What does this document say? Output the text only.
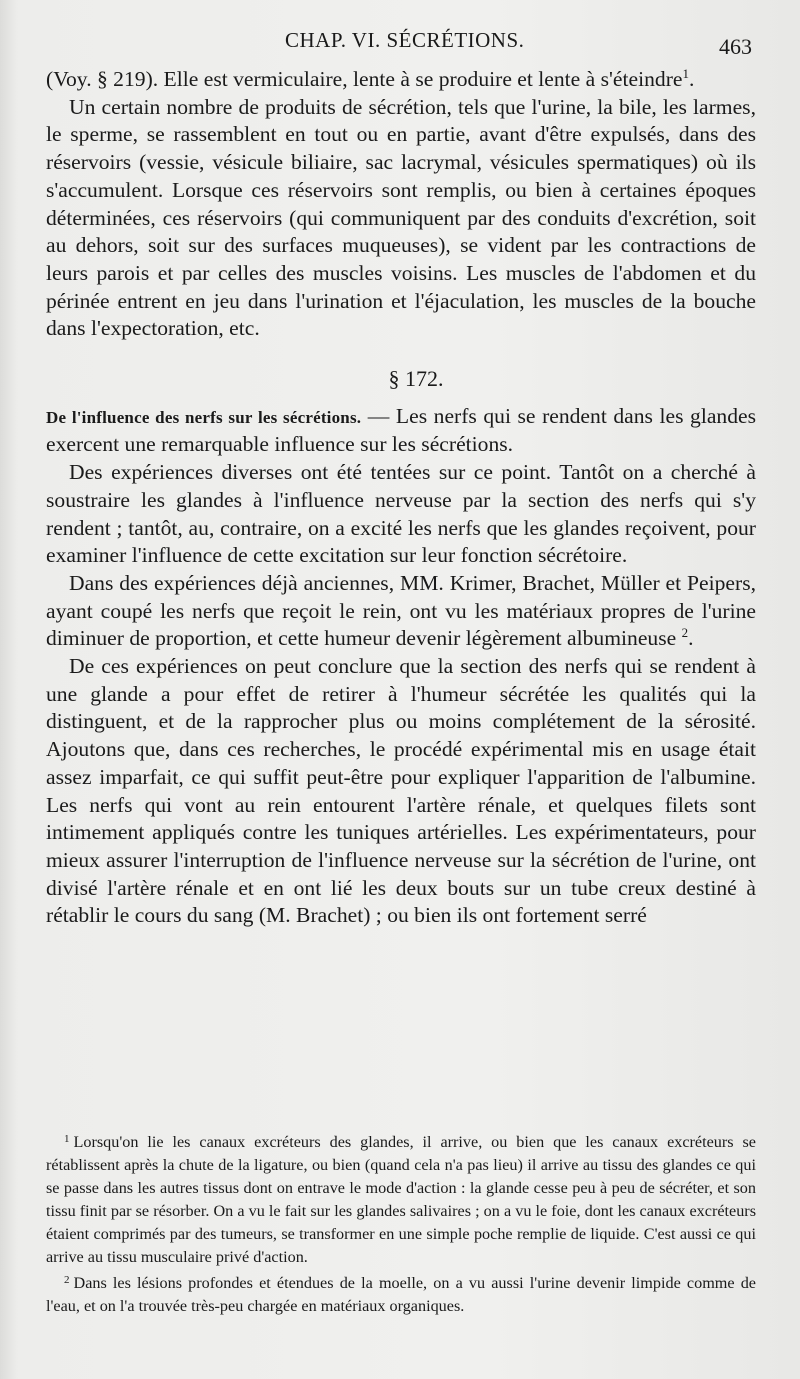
CHAP. VI. SÉCRÉTIONS.	463

(Voy. § 219). Elle est vermiculaire, lente à se produire et lente à s'éteindre$^1$.

Un certain nombre de produits de sécrétion, tels que l'urine, la bile, les larmes, le sperme, se rassemblent en tout ou en partie, avant d'être expulsés, dans des réservoirs (vessie, vésicule biliaire, sac lacrymal, vésicules spermatiques) où ils s'accumulent. Lorsque ces réservoirs sont remplis, ou bien à certaines époques déterminées, ces réservoirs (qui communiquent par des conduits d'excrétion, soit au dehors, soit sur des surfaces muqueuses), se vident par les contractions de leurs parois et par celles des muscles voisins. Les muscles de l'abdomen et du périnée entrent en jeu dans l'urination et l'éjaculation, les muscles de la bouche dans l'expectoration, etc.

§ 172.

De l'influence des nerfs sur les sécrétions. — Les nerfs qui se rendent dans les glandes exercent une remarquable influence sur les sécrétions.

Des expériences diverses ont été tentées sur ce point. Tantôt on a cherché à soustraire les glandes à l'influence nerveuse par la section des nerfs qui s'y rendent ; tantôt, au, contraire, on a excité les nerfs que les glandes reçoivent, pour examiner l'influence de cette excitation sur leur fonction sécrétoire.

Dans des expériences déjà anciennes, MM. Krimer, Brachet, Müller et Peipers, ayant coupé les nerfs que reçoit le rein, ont vu les matériaux propres de l'urine diminuer de proportion, et cette humeur devenir légèrement albumineuse $^2$.

De ces expériences on peut conclure que la section des nerfs qui se rendent à une glande a pour effet de retirer à l'humeur sécrétée les qualités qui la distinguent, et de la rapprocher plus ou moins complétement de la sérosité. Ajoutons que, dans ces recherches, le procédé expérimental mis en usage était assez imparfait, ce qui suffit peut-être pour expliquer l'apparition de l'albumine. Les nerfs qui vont au rein entourent l'artère rénale, et quelques filets sont intimement appliqués contre les tuniques artérielles. Les expérimentateurs, pour mieux assurer l'interruption de l'influence nerveuse sur la sécrétion de l'urine, ont divisé l'artère rénale et en ont lié les deux bouts sur un tube creux destiné à rétablir le cours du sang (M. Brachet) ; ou bien ils ont fortement serré

$^1$ Lorsqu'on lie les canaux excréteurs des glandes, il arrive, ou bien que les canaux excréteurs se rétablissent après la chute de la ligature, ou bien (quand cela n'a pas lieu) il arrive au tissu des glandes ce qui se passe dans les autres tissus dont on entrave le mode d'action : la glande cesse peu à peu de sécréter, et son tissu finit par se résorber. On a vu le fait sur les glandes salivaires ; on a vu le foie, dont les canaux excréteurs étaient comprimés par des tumeurs, se transformer en une simple poche remplie de liquide. C'est aussi ce qui arrive au tissu musculaire privé d'action.

$^2$ Dans les lésions profondes et étendues de la moelle, on a vu aussi l'urine devenir limpide comme de l'eau, et on l'a trouvée très-peu chargée en matériaux organiques.
